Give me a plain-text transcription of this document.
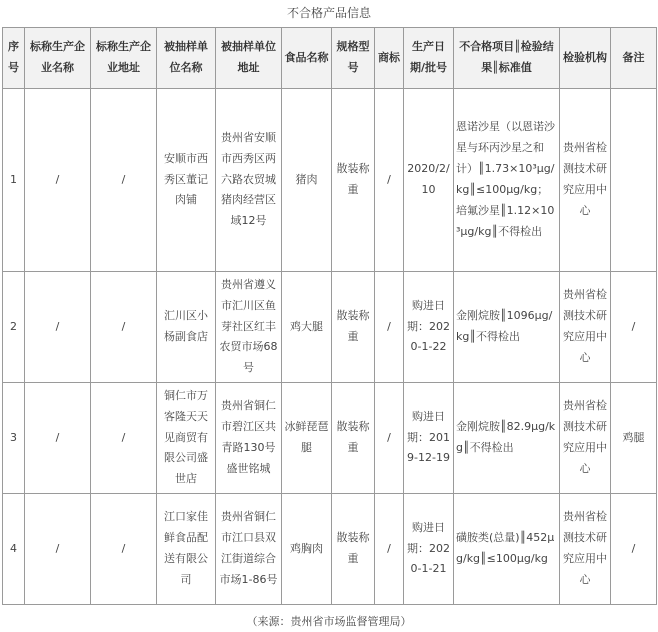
不合格产品信息
序号	标称生产企业名称	标称生产企业地址	被抽样单位名称	被抽样单位地址	食品名称	规格型号	商标	生产日期/批号	不合格项目║检验结果║标准值	检验机构	备注
1	/	/	安顺市西秀区董记肉铺	贵州省安顺市西秀区两六路农贸城猪肉经营区域12号	猪肉	散装称重	/	2020/2/10	恩诺沙星（以恩诺沙星与环丙沙星之和计）║1.73×10³μg/kg║≤100μg/kg；培氟沙星║1.12×10³μg/kg║不得检出	贵州省检测技术研究应用中心	
2	/	/	汇川区小杨副食店	贵州省遵义市汇川区鱼芽社区红丰农贸市场68号	鸡大腿	散装称重	/	购进日期：2020-1-22	金刚烷胺║1096μg/kg║不得检出	贵州省检测技术研究应用中心	/
3	/	/	铜仁市万客隆天天见商贸有限公司盛世店	贵州省铜仁市碧江区共青路130号盛世铭城	冰鲜琵琶腿	散装称重	/	购进日期：2019-12-19	金刚烷胺║82.9μg/kg║不得检出	贵州省检测技术研究应用中心	鸡腿
4	/	/	江口家佳鲜食品配送有限公司	贵州省铜仁市江口县双江街道综合市场1-86号	鸡胸肉	散装称重	/	购进日期：2020-1-21	磺胺类(总量)║452μg/kg║≤100μg/kg	贵州省检测技术研究应用中心	/
（来源：贵州省市场监督管理局）
